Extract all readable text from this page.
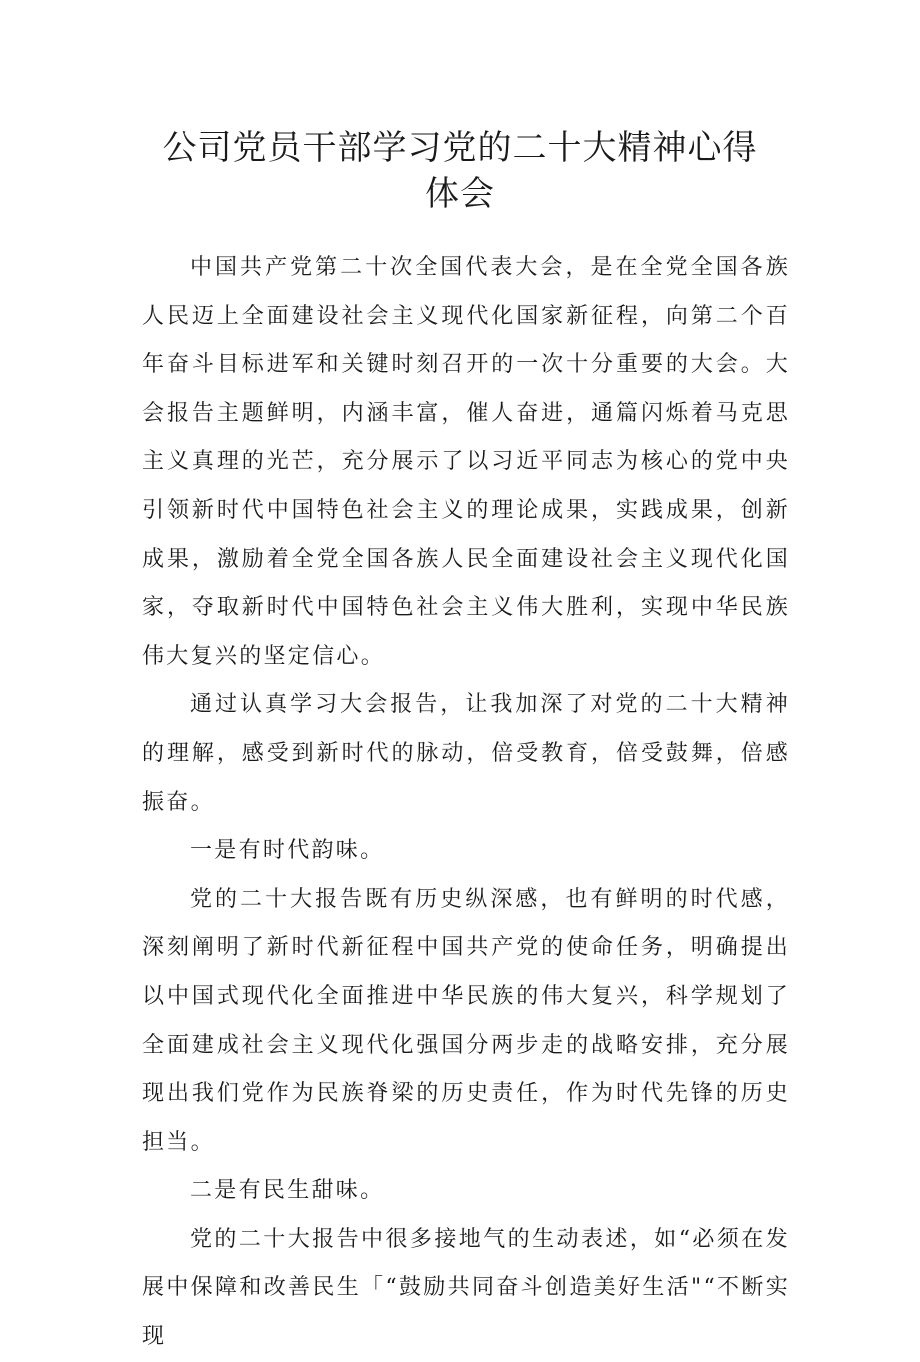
公司党员干部学习党的二十大精神心得体会

中国共产党第二十次全国代表大会，是在全党全国各族人民迈上全面建设社会主义现代化国家新征程，向第二个百年奋斗目标进军和关键时刻召开的一次十分重要的大会。大会报告主题鲜明，内涵丰富，催人奋进，通篇闪烁着马克思主义真理的光芒，充分展示了以习近平同志为核心的党中央引领新时代中国特色社会主义的理论成果，实践成果，创新成果，激励着全党全国各族人民全面建设社会主义现代化国家，夺取新时代中国特色社会主义伟大胜利，实现中华民族伟大复兴的坚定信心。

通过认真学习大会报告，让我加深了对党的二十大精神的理解，感受到新时代的脉动，倍受教育，倍受鼓舞，倍感振奋。

一是有时代韵味。

党的二十大报告既有历史纵深感，也有鲜明的时代感，深刻阐明了新时代新征程中国共产党的使命任务，明确提出以中国式现代化全面推进中华民族的伟大复兴，科学规划了全面建成社会主义现代化强国分两步走的战略安排，充分展现出我们党作为民族脊梁的历史责任，作为时代先锋的历史担当。

二是有民生甜味。

党的二十大报告中很多接地气的生动表述，如“必须在发展中保障和改善民生「“鼓励共同奋斗创造美好生活"“不断实现
